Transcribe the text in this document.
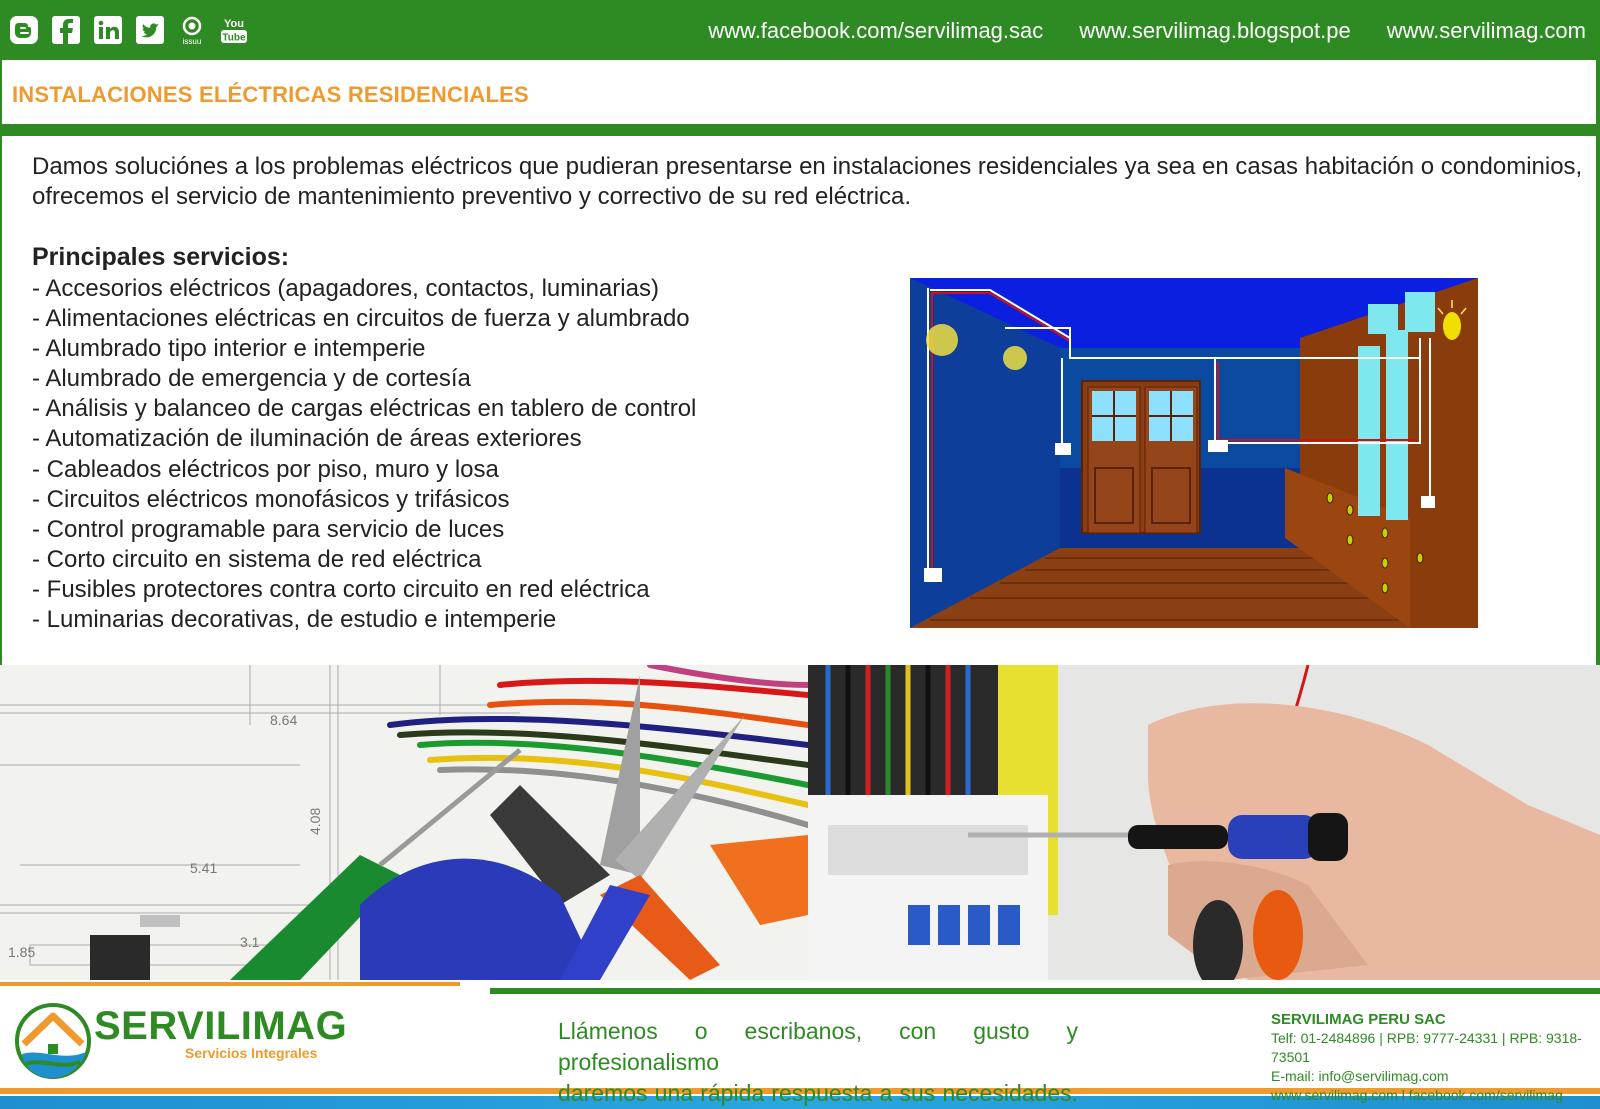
issuu
You
Tube	www.facebook.com/servilimag.sac www.servilimag.blogspot.pe www.servilimag.com
INSTALACIONES ELÉCTRICAS RESIDENCIALES

Damos soluciónes a los problemas eléctricos que pudieran presentarse en instalaciones residenciales ya sea en casas habitación o condominios, ofrecemos el servicio de mantenimiento preventivo y correctivo de su red eléctrica.

Principales servicios:
- Accesorios eléctricos (apagadores, contactos, luminarias)
- Alimentaciones eléctricas en circuitos de fuerza y alumbrado
- Alumbrado tipo interior e intemperie
- Alumbrado de emergencia y de cortesía
- Análisis y balanceo de cargas eléctricas en tablero de control
- Automatización de iluminación de áreas exteriores
- Cableados eléctricos por piso, muro y losa
- Circuitos eléctricos monofásicos y trifásicos
- Control programable para servicio de luces
- Corto circuito en sistema de red eléctrica
- Fusibles protectores contra corto circuito en red eléctrica
- Luminarias decorativas, de estudio e intemperie
8.64
4.08
5.41
1.85
3.1
SERVILIMAG
Servicios Integrales
Llámenos o escribanos, con gusto y profesionalismo
daremos una rápida respuesta a sus necesidades.
SERVILIMAG PERU SAC
Telf: 01-2484896 | RPB: 9777-24331 | RPB: 9318-73501
E-mail: info@servilimag.com
www.servilimag.com l facebook.com/servilimag
